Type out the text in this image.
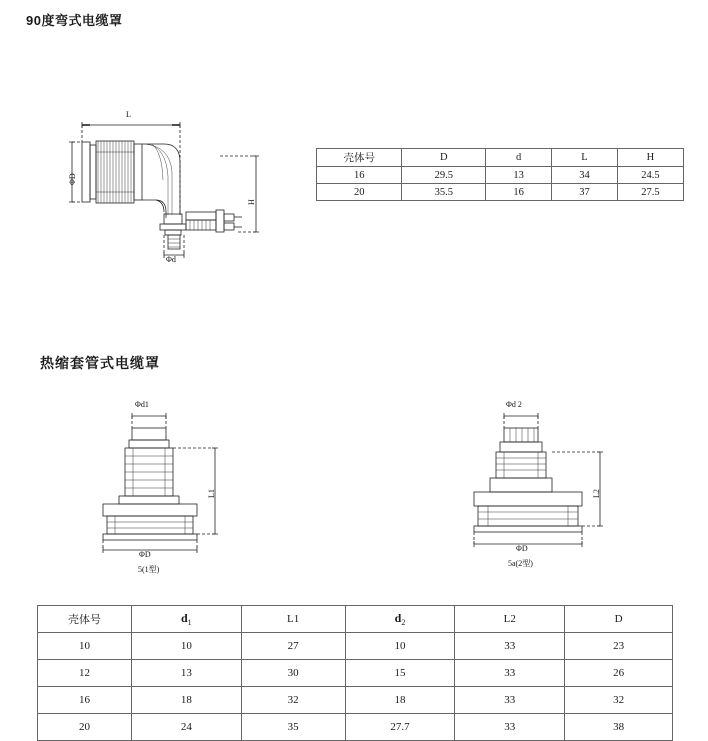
90度弯式电缆罩
L
ΦD
Φd
H
壳体号	D	d	L	H
16	29.5	13	34	24.5
20	35.5	16	37	27.5
热缩套管式电缆罩
Φd1
L1
ΦD
5(1型)
Φd 2
L2
ΦD
5a(2型)
壳体号	$d_1$	L1	$d_2$	L2	D
10	10	27	10	33	23
12	13	30	15	33	26
16	18	32	18	33	32
20	24	35	27.7	33	38
